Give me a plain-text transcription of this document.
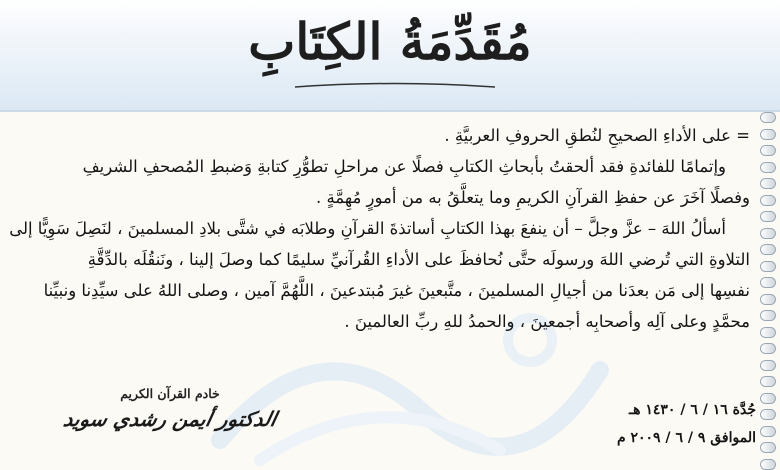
مُقَدِّمَةُ الكِتَابِ
= على الأداءِ الصحيحِ لنُطقِ الحروفِ العربيَّةِ .
وإتمامًا للفائدةِ فقد ألحقتُ بأبحاثِ الكتابِ فصلًا عن مراحلِ تطوُّرِ كتابةِ وَضبطِ المُصحفِ الشريفِ
وفصلًا آخَرَ عن حفظِ القرآنِ الكريمِ وما يتعلَّقُ به من أمورٍ مُهِمَّةٍ .
أسألُ اللهَ – عزَّ وجلَّ – أن ينفعَ بهذا الكتابِ أساتذةَ القرآنِ وطلابَه في شتَّى بلادِ المسلمينَ ، لنَصِلَ سَوِيًّا إلى
التلاوةِ التي تُرضي اللهَ ورسولَه حتَّى نُحافظَ على الأداءِ القُرآنيِّ سليمًا كما وصلَ إلينا ، ونَنقُلَه بالدِّقَّةِ
نفسِها إلى مَن بعدَنا من أجيالِ المسلمينَ ، متَّبعينَ غيرَ مُبتدعينَ ، اللَّهُمَّ آمين ، وصلى اللهُ على سيِّدِنا ونبيِّنا
محمَّدٍ وعلى آلِه وأصحابِه أجمعينَ ، والحمدُ للهِ ربِّ العالمينَ .
خادم القرآن الكريم
الدكتور أيمن رشدي سويد	جُدَّة ١٦ / ٦ / ١٤٣٠ هـ
الموافق ٩ / ٦ / ٢٠٠٩ م
